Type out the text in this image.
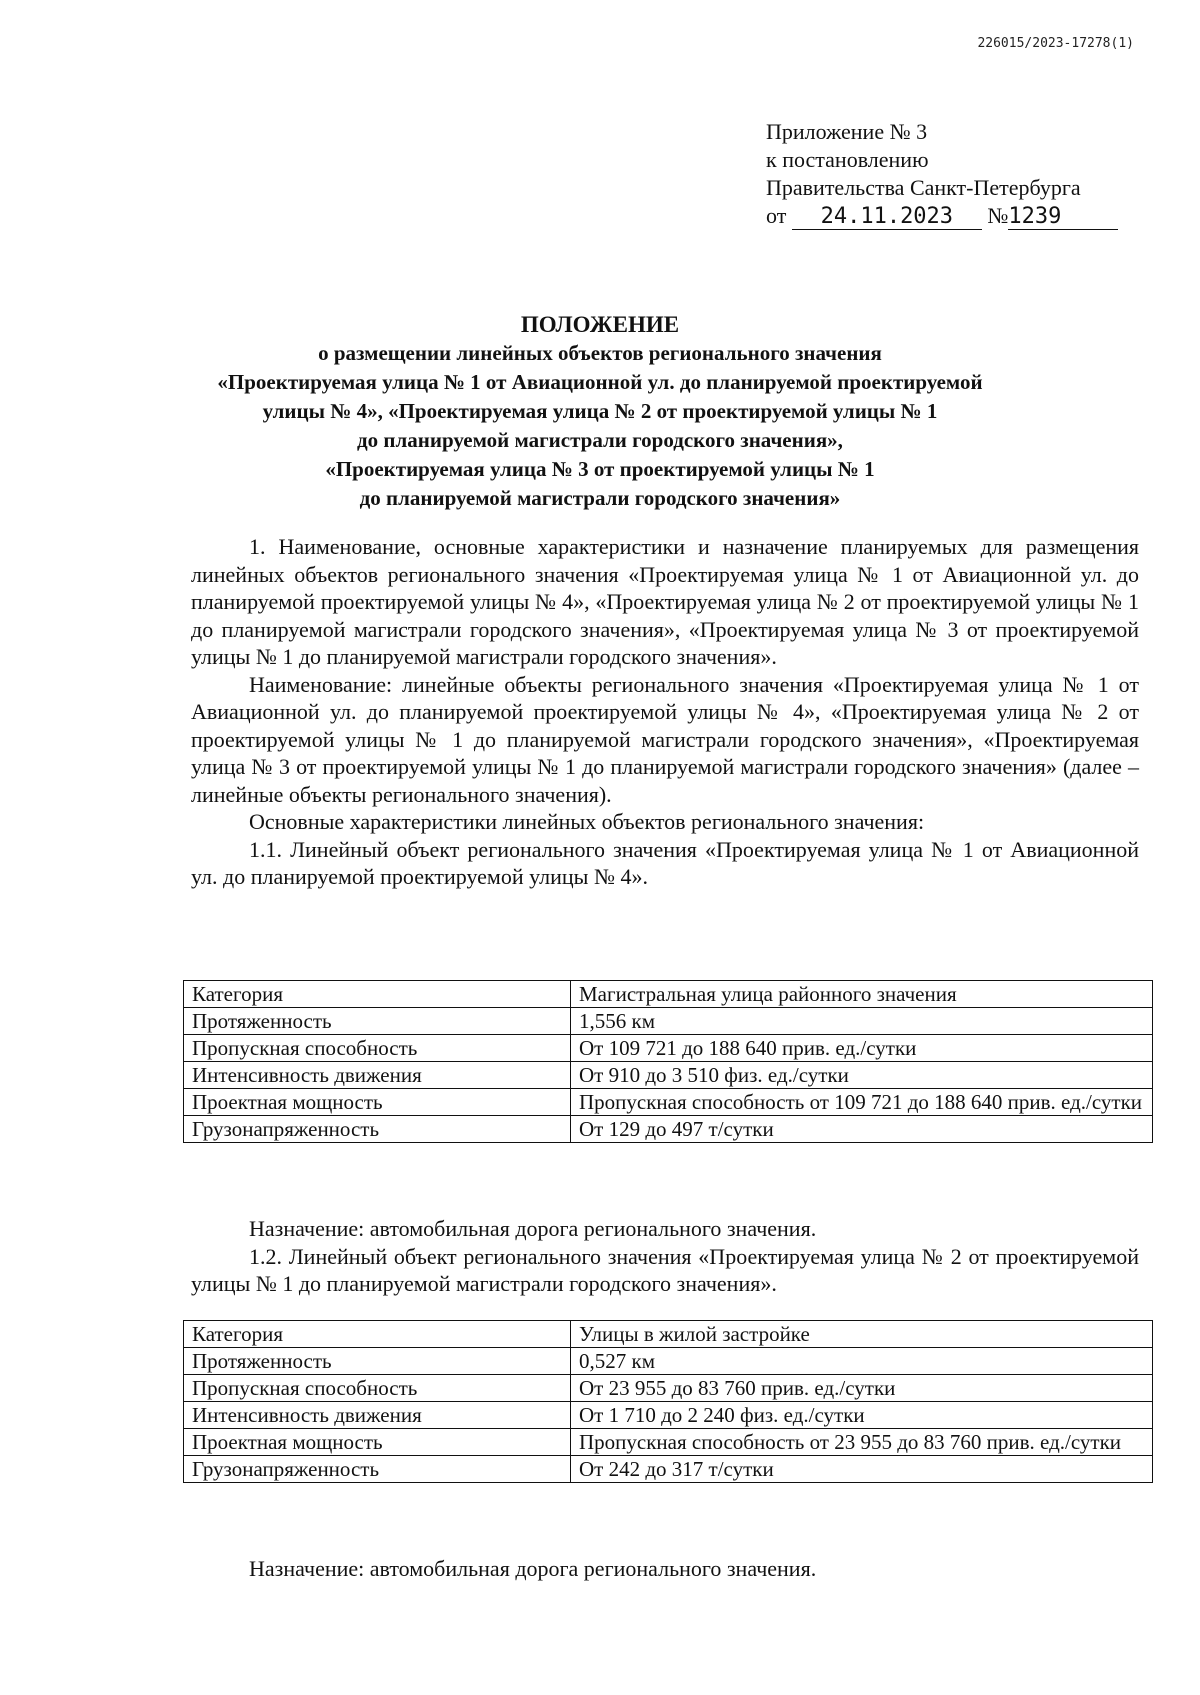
226015/2023-17278(1)
Приложение № 3
к постановлению
Правительства Санкт-Петербурга
от 24.11.2023 №1239
ПОЛОЖЕНИЕ
о размещении линейных объектов регионального значения
«Проектируемая улица № 1 от Авиационной ул. до планируемой проектируемой
улицы № 4», «Проектируемая улица № 2 от проектируемой улицы № 1
до планируемой магистрали городского значения»,
«Проектируемая улица № 3 от проектируемой улицы № 1
до планируемой магистрали городского значения»

1. Наименование, основные характеристики и назначение планируемых для размещения линейных объектов регионального значения «Проектируемая улица № 1 от Авиационной ул. до планируемой проектируемой улицы № 4», «Проектируемая улица № 2 от проектируемой улицы № 1 до планируемой магистрали городского значения», «Проектируемая улица № 3 от проектируемой улицы № 1 до планируемой магистрали городского значения».

Наименование: линейные объекты регионального значения «Проектируемая улица № 1 от Авиационной ул. до планируемой проектируемой улицы № 4», «Проектируемая улица № 2 от проектируемой улицы № 1 до планируемой магистрали городского значения», «Проектируемая улица № 3 от проектируемой улицы № 1 до планируемой магистрали городского значения» (далее – линейные объекты регионального значения).

Основные характеристики линейных объектов регионального значения:

1.1. Линейный объект регионального значения «Проектируемая улица № 1 от Авиационной ул. до планируемой проектируемой улицы № 4».

Категория	Магистральная улица районного значения
Протяженность	1,556 км
Пропускная способность	От 109 721 до 188 640 прив. ед./сутки
Интенсивность движения	От 910 до 3 510 физ. ед./сутки
Проектная мощность	Пропускная способность от 109 721 до 188 640 прив. ед./сутки
Грузонапряженность	От 129 до 497 т/сутки

Назначение: автомобильная дорога регионального значения.

1.2. Линейный объект регионального значения «Проектируемая улица № 2 от проектируемой улицы № 1 до планируемой магистрали городского значения».

Категория	Улицы в жилой застройке
Протяженность	0,527 км
Пропускная способность	От 23 955 до 83 760 прив. ед./сутки
Интенсивность движения	От 1 710 до 2 240 физ. ед./сутки
Проектная мощность	Пропускная способность от 23 955 до 83 760 прив. ед./сутки
Грузонапряженность	От 242 до 317 т/сутки

Назначение: автомобильная дорога регионального значения.
